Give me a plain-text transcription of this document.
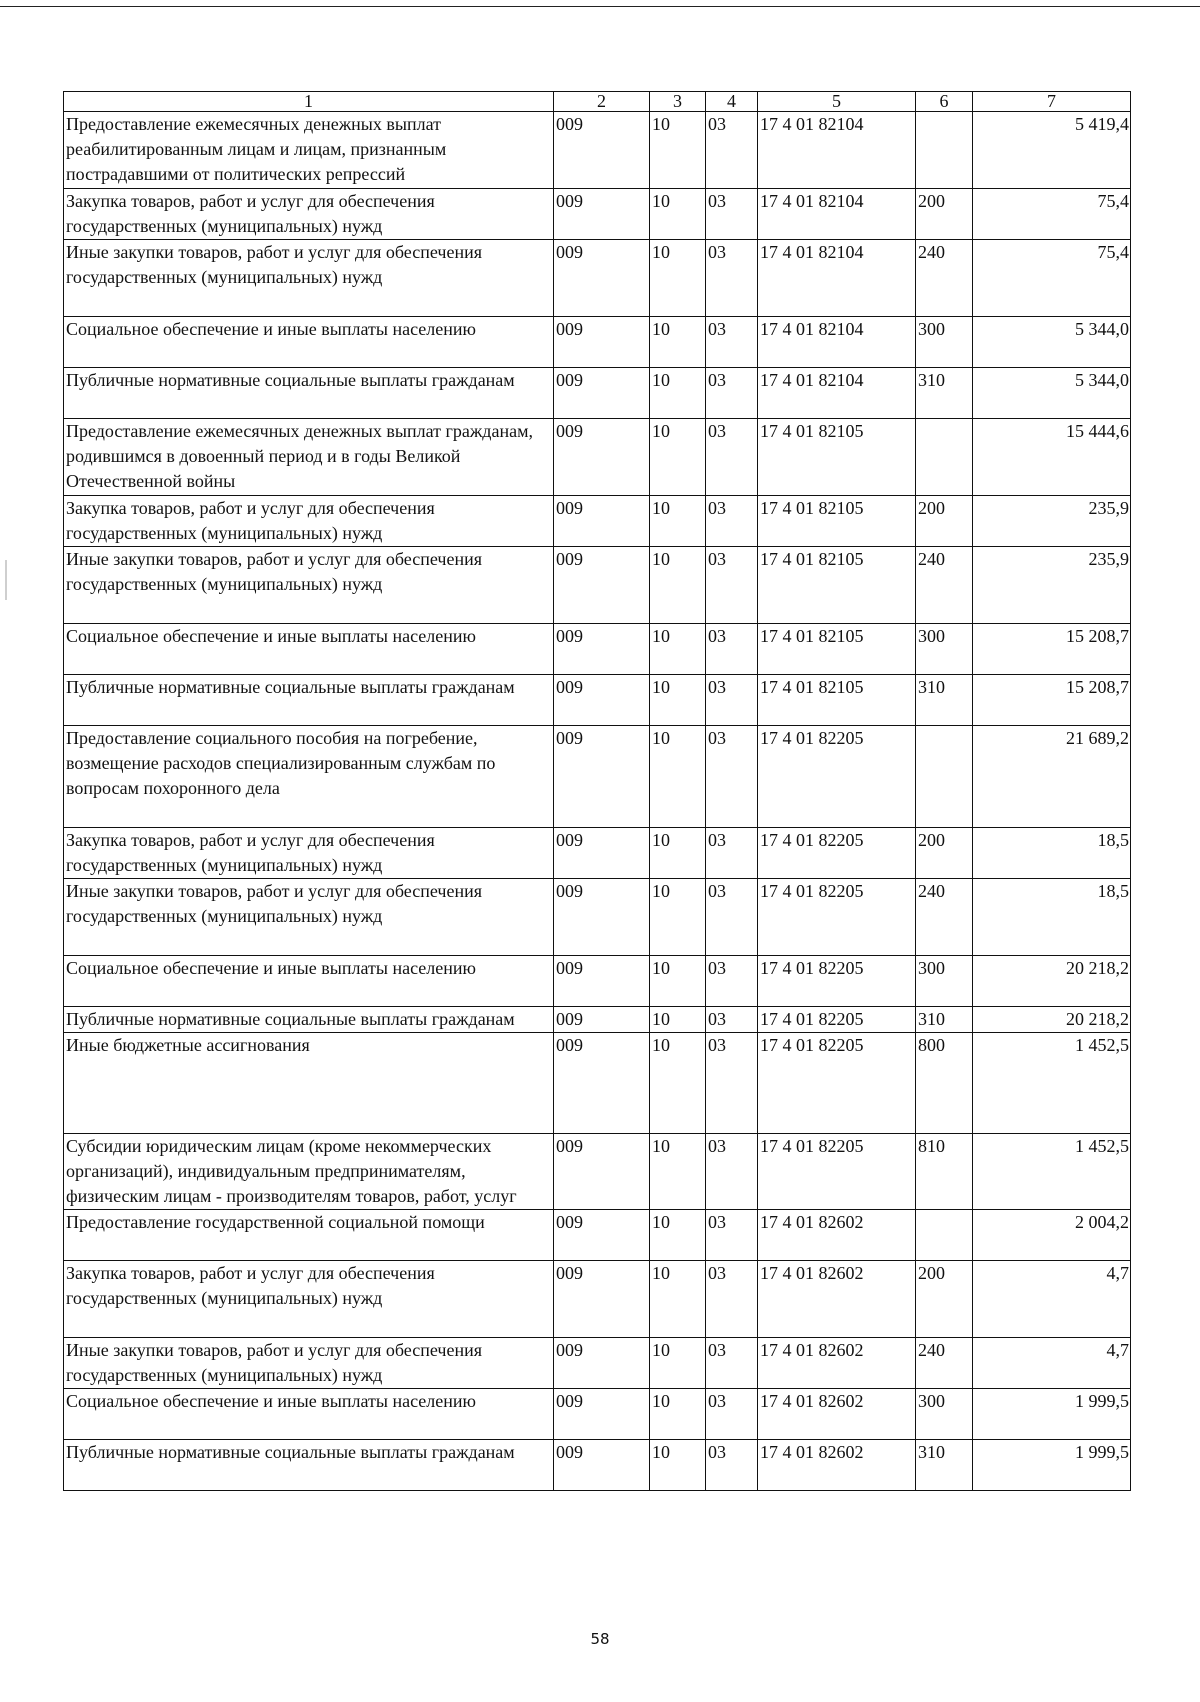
1	2	3	4	5	6	7
Предоставление ежемесячных денежных выплат реабилитированным лицам и лицам, признанным пострадавшими от политических репрессий	009	10	03	17 4 01 82104		5 419,4
Закупка товаров, работ и услуг для обеспечения государственных (муниципальных) нужд	009	10	03	17 4 01 82104	200	75,4
Иные закупки товаров, работ и услуг для обеспечения государственных (муниципальных) нужд	009	10	03	17 4 01 82104	240	75,4
Социальное обеспечение и иные выплаты населению	009	10	03	17 4 01 82104	300	5 344,0
Публичные нормативные социальные выплаты гражданам	009	10	03	17 4 01 82104	310	5 344,0
Предоставление ежемесячных денежных выплат гражданам, родившимся в довоенный период и в годы Великой Отечественной войны	009	10	03	17 4 01 82105		15 444,6
Закупка товаров, работ и услуг для обеспечения государственных (муниципальных) нужд	009	10	03	17 4 01 82105	200	235,9
Иные закупки товаров, работ и услуг для обеспечения государственных (муниципальных) нужд	009	10	03	17 4 01 82105	240	235,9
Социальное обеспечение и иные выплаты населению	009	10	03	17 4 01 82105	300	15 208,7
Публичные нормативные социальные выплаты гражданам	009	10	03	17 4 01 82105	310	15 208,7
Предоставление социального пособия на погребение, возмещение расходов специализированным службам по вопросам похоронного дела	009	10	03	17 4 01 82205		21 689,2
Закупка товаров, работ и услуг для обеспечения государственных (муниципальных) нужд	009	10	03	17 4 01 82205	200	18,5
Иные закупки товаров, работ и услуг для обеспечения государственных (муниципальных) нужд	009	10	03	17 4 01 82205	240	18,5
Социальное обеспечение и иные выплаты населению	009	10	03	17 4 01 82205	300	20 218,2
Публичные нормативные социальные выплаты гражданам	009	10	03	17 4 01 82205	310	20 218,2
Иные бюджетные ассигнования	009	10	03	17 4 01 82205	800	1 452,5
Субсидии юридическим лицам (кроме некоммерческих организаций), индивидуальным предпринимателям, физическим лицам - производителям товаров, работ, услуг	009	10	03	17 4 01 82205	810	1 452,5
Предоставление государственной социальной помощи	009	10	03	17 4 01 82602		2 004,2
Закупка товаров, работ и услуг для обеспечения государственных (муниципальных) нужд	009	10	03	17 4 01 82602	200	4,7
Иные закупки товаров, работ и услуг для обеспечения государственных (муниципальных) нужд	009	10	03	17 4 01 82602	240	4,7
Социальное обеспечение и иные выплаты населению	009	10	03	17 4 01 82602	300	1 999,5
Публичные нормативные социальные выплаты гражданам	009	10	03	17 4 01 82602	310	1 999,5
58
